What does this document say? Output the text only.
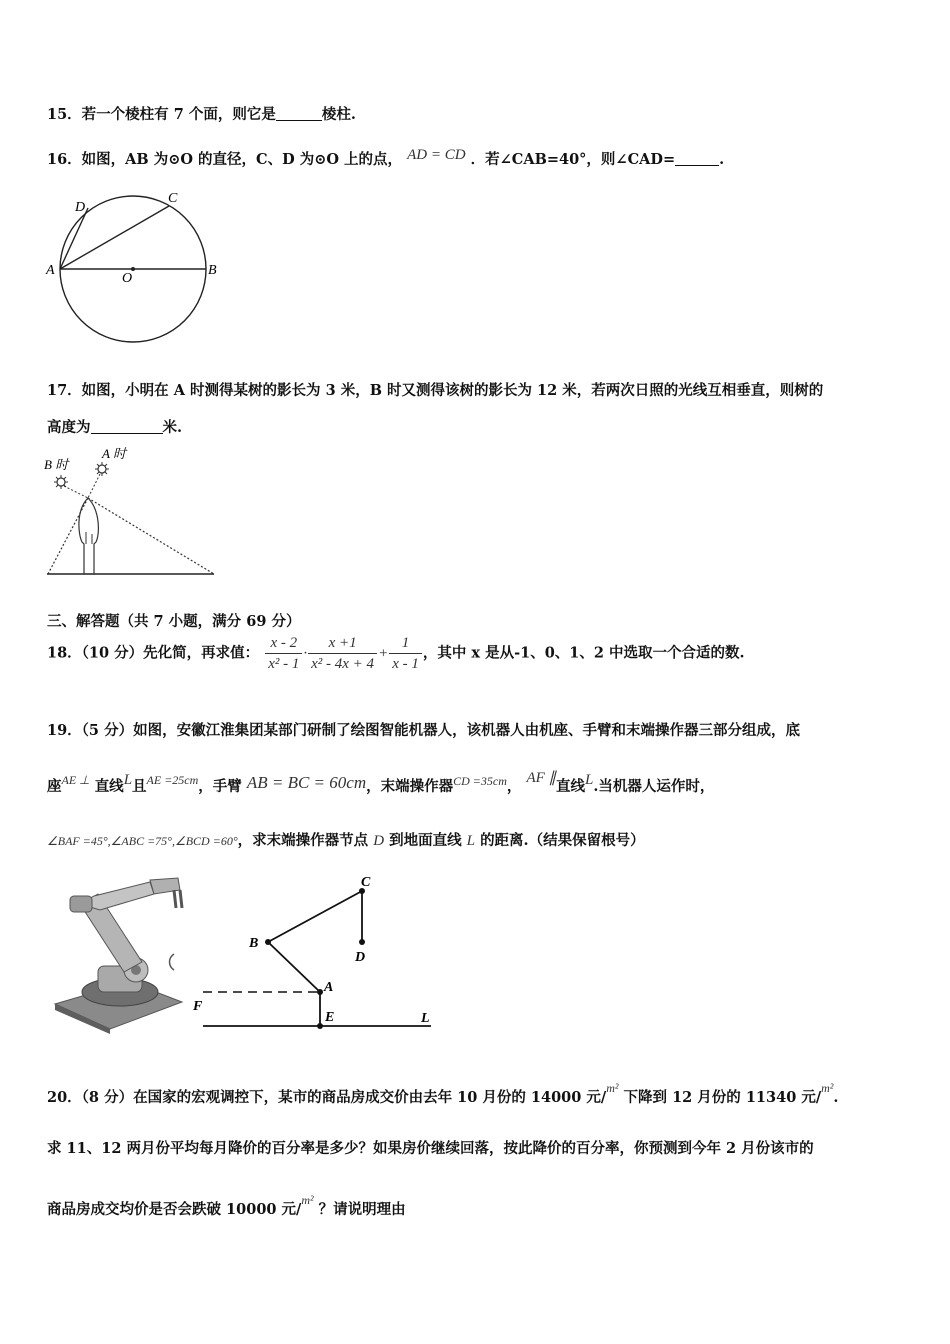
15．若一个棱柱有 7 个面，则它是	棱柱.
16．如图，AB 为⊙O 的直径，C、D 为⊙O 上的点， AD = CD ．若∠CAB=40°，则∠CAD=	.
A	B
C
D
O
17．如图，小明在 A 时测得某树的影长为 3 米，B 时又测得该树的影长为 12 米，若两次日照的光线互相垂直，则树的
高度为	米.
B 时
A 时
三、解答题（共 7 小题，满分 69 分）
18．（10 分）先化简，再求值： $\frac{x - 2}{\text{x² - 1}} \cdot \frac{x +1}{\text{x² - 4x + 4}} + \frac{1}{x - 1}$ ，其中 x 是从-1、0、1、2 中选取一个合适的数.
19．（5 分）如图，安徽江淮集团某部门研制了绘图智能机器人，该机器人由机座、手臂和末端操作器三部分组成，底
座$^{AE \perp}$ 直线L且$^{AE =25cm}$，手臂 AB = BC = 60cm，末端操作器$^{CD =35cm}$， AF ∥直线L.当机器人运作时，
∠BAF =45°,∠ABC =75°,∠BCD =60°，求末端操作器节点 D 到地面直线 L 的距离.（结果保留根号）
A
B
C
D
E
F
L
20．（8 分）在国家的宏观调控下，某市的商品房成交价由去年 10 月份的 14000 元/$^{m^2}$ 下降到 12 月份的 11340 元/$^{m^2}$.
求 11、12 两月份平均每月降价的百分率是多少？如果房价继续回落，按此降价的百分率，你预测到今年 2 月份该市的
商品房成交均价是否会跌破 10000 元/$^{m^2}$ ？请说明理由
